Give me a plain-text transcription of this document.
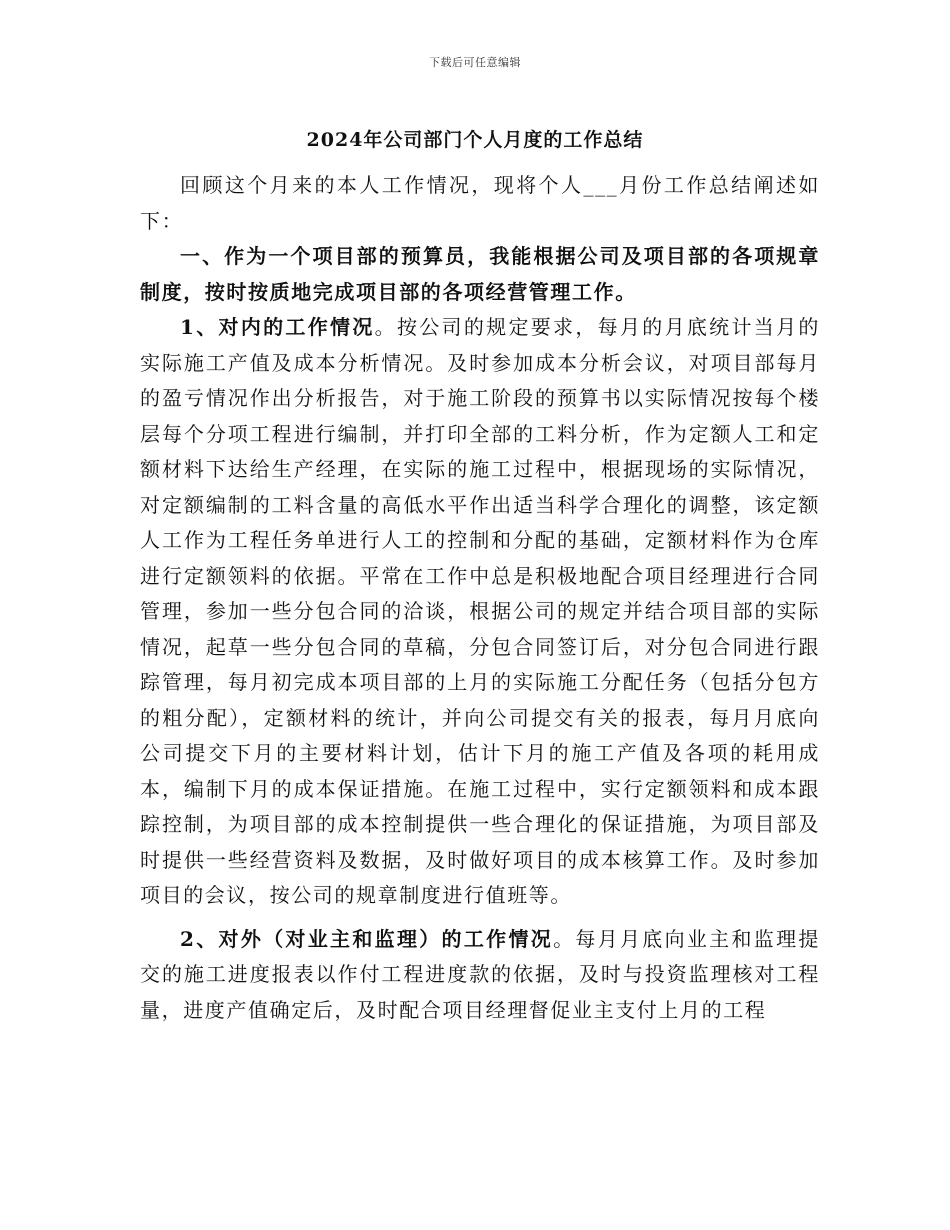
下载后可任意编辑
2024年公司部门个人月度的工作总结

回顾这个月来的本人工作情况，现将个人___月份工作总结阐述如下：

一、作为一个项目部的预算员，我能根据公司及项目部的各项规章制度，按时按质地完成项目部的各项经营管理工作。

1、对内的工作情况。按公司的规定要求，每月的月底统计当月的实际施工产值及成本分析情况。及时参加成本分析会议，对项目部每月的盈亏情况作出分析报告，对于施工阶段的预算书以实际情况按每个楼层每个分项工程进行编制，并打印全部的工料分析，作为定额人工和定额材料下达给生产经理，在实际的施工过程中，根据现场的实际情况，对定额编制的工料含量的高低水平作出适当科学合理化的调整，该定额人工作为工程任务单进行人工的控制和分配的基础，定额材料作为仓库进行定额领料的依据。平常在工作中总是积极地配合项目经理进行合同管理，参加一些分包合同的洽谈，根据公司的规定并结合项目部的实际情况，起草一些分包合同的草稿，分包合同签订后，对分包合同进行跟踪管理，每月初完成本项目部的上月的实际施工分配任务（包括分包方的粗分配），定额材料的统计，并向公司提交有关的报表，每月月底向公司提交下月的主要材料计划，估计下月的施工产值及各项的耗用成本，编制下月的成本保证措施。在施工过程中，实行定额领料和成本跟踪控制，为项目部的成本控制提供一些合理化的保证措施，为项目部及时提供一些经营资料及数据，及时做好项目的成本核算工作。及时参加项目的会议，按公司的规章制度进行值班等。

2、对外（对业主和监理）的工作情况。每月月底向业主和监理提交的施工进度报表以作付工程进度款的依据，及时与投资监理核对工程量，进度产值确定后，及时配合项目经理督促业主支付上月的工程
